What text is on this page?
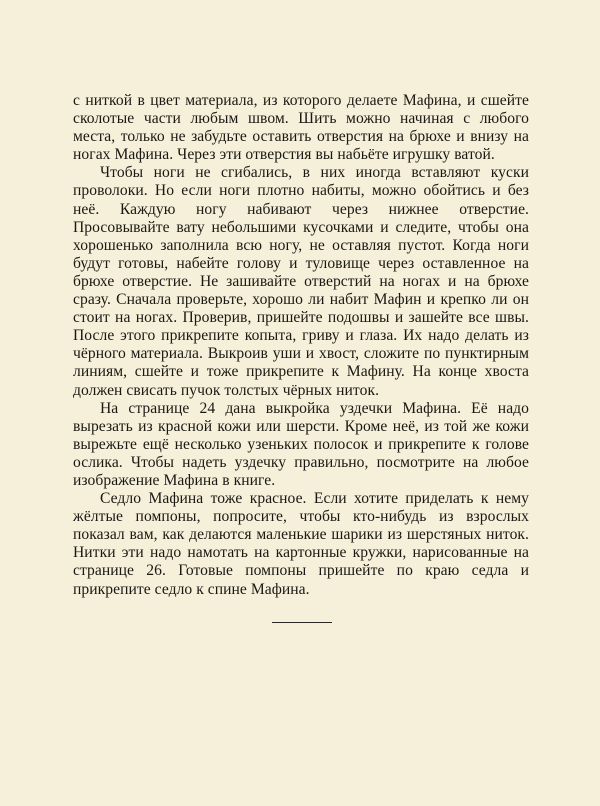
с ниткой в цвет материала, из которого делаете Мафина, и сшейте сколотые части любым швом. Шить можно начиная с любого места, только не забудьте оставить отверстия на брюхе и внизу на ногах Мафина. Через эти отверстия вы набьёте игрушку ватой.

Чтобы ноги не сгибались, в них иногда вставляют куски проволоки. Но если ноги плотно набиты, можно обойтись и без неё. Каждую ногу набивают через нижнее отверстие. Просовывайте вату небольшими кусочками и следите, чтобы она хорошенько заполнила всю ногу, не оставляя пустот. Когда ноги будут готовы, набейте голову и туловище через оставленное на брюхе отверстие. Не зашивайте отверстий на ногах и на брюхе сразу. Сначала проверьте, хорошо ли набит Мафин и крепко ли он стоит на ногах. Проверив, пришейте подошвы и зашейте все швы. После этого прикрепите копыта, гриву и глаза. Их надо делать из чёрного материала. Выкроив уши и хвост, сложите по пунктирным линиям, сшейте и тоже прикрепите к Мафину. На конце хвоста должен свисать пучок толстых чёрных ниток.

На странице 24 дана выкройка уздечки Мафина. Её надо вырезать из красной кожи или шерсти. Кроме неё, из той же кожи вырежьте ещё несколько узеньких полосок и прикрепите к голове ослика. Чтобы надеть уздечку правильно, посмотрите на любое изображение Мафина в книге.

Седло Мафина тоже красное. Если хотите приделать к нему жёлтые помпоны, попросите, чтобы кто-нибудь из взрослых показал вам, как делаются маленькие шарики из шерстяных ниток. Нитки эти надо намотать на картонные кружки, нарисованные на странице 26. Готовые помпоны пришейте по краю седла и прикрепите седло к спине Мафина.
